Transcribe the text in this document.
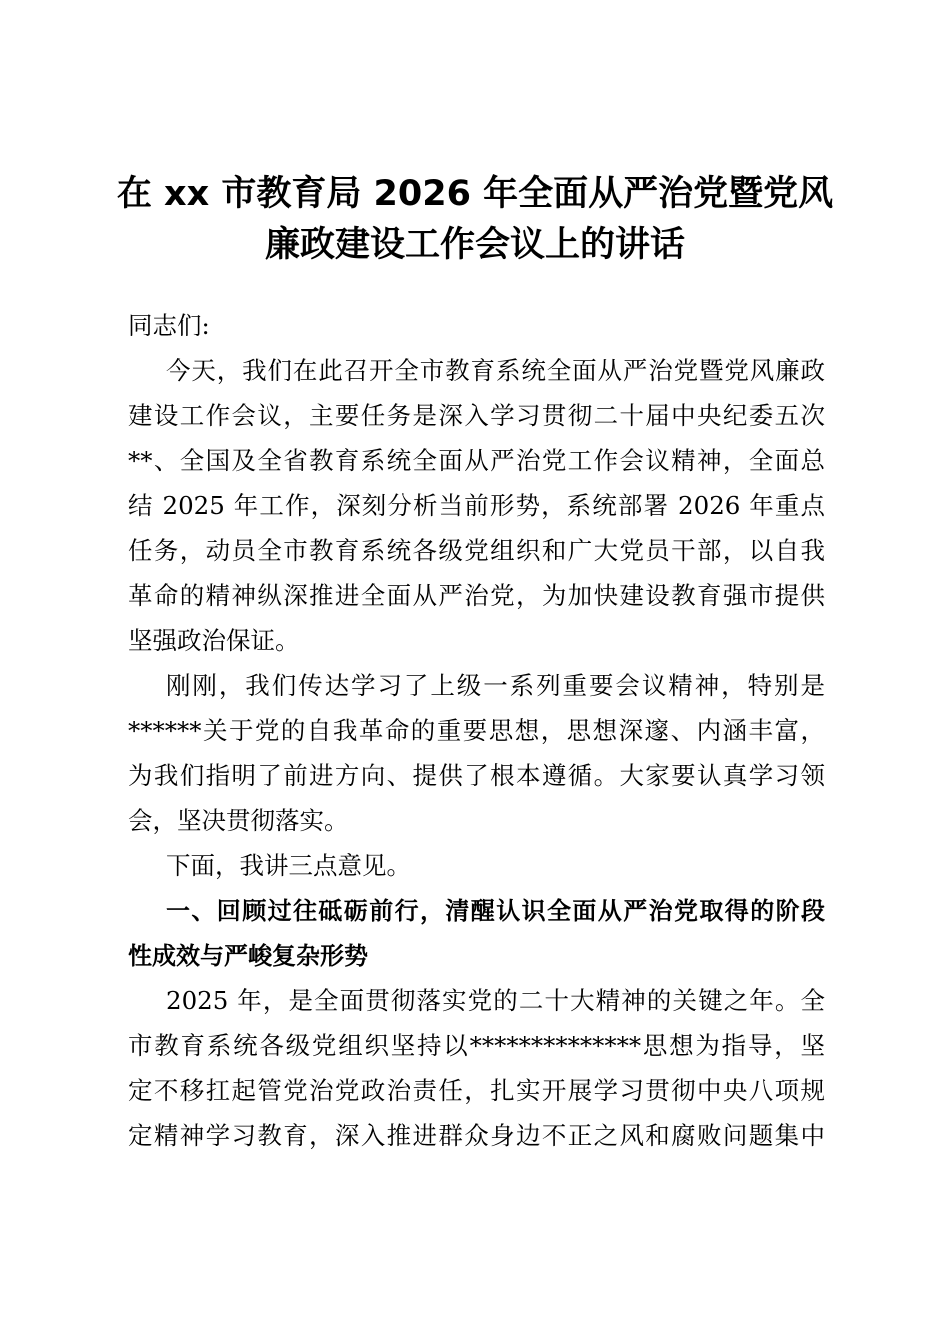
在 xx 市教育局 2026 年全面从严治党暨党风
廉政建设工作会议上的讲话
同志们:
今天，我们在此召开全市教育系统全面从严治党暨党风廉政
建设工作会议，主要任务是深入学习贯彻二十届中央纪委五次
**、全国及全省教育系统全面从严治党工作会议精神，全面总
结 2025 年工作，深刻分析当前形势，系统部署 2026 年重点
任务，动员全市教育系统各级党组织和广大党员干部，以自我
革命的精神纵深推进全面从严治党，为加快建设教育强市提供
坚强政治保证。
刚刚，我们传达学习了上级一系列重要会议精神，特别是
******关于党的自我革命的重要思想，思想深邃、内涵丰富，
为我们指明了前进方向、提供了根本遵循。大家要认真学习领
会，坚决贯彻落实。
下面，我讲三点意见。
一、回顾过往砥砺前行，清醒认识全面从严治党取得的阶段
性成效与严峻复杂形势
2025 年，是全面贯彻落实党的二十大精神的关键之年。全
市教育系统各级党组织坚持以**************思想为指导，坚
定不移扛起管党治党政治责任，扎实开展学习贯彻中央八项规
定精神学习教育，深入推进群众身边不正之风和腐败问题集中
